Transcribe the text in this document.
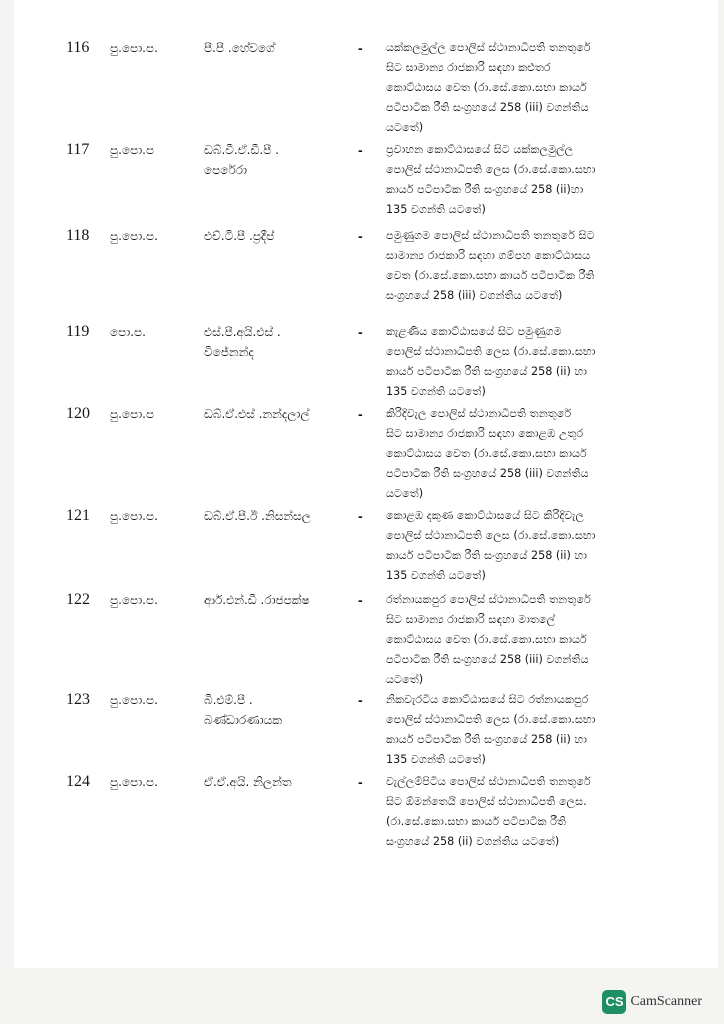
116	පු.පො.ප.	පී.පී .හේවගේ	-	යක්කලමුල්ල පොලිස් ස්ථානාධිපති තනතුරේ
සිට සාමාන්‍ය රාජකාරි සඳහා කළුතර
කොට්ඨාසය වෙත (රා.සේ.කො.සභා කාර්ය
පටිපාටික රීති සංග්‍රහයේ 258 (iii) වගන්තිය
යටතේ)
117	පු.පො.ප	ඩබ්.වී.ඒ.ඩී.පී .
පෙරේරා
-	ප්‍රවාහන කොට්ඨාසයේ සිට යක්කලමුල්ල
පොලිස් ස්ථානාධිපති ලෙස (රා.සේ.කො.සභා
කාර්ය පටිපාටික රීති සංග්‍රහයේ 258 (ii)හා
135 වගන්ති යටතේ)
118	පු.පො.ප.	එච්.ටී.පී .ප්‍රදීප්	-	පමුණුගම පොලිස් ස්ථානාධිපති තනතුරේ සිට
සාමාන්‍ය රාජකාරි සඳහා ගම්පහ කොට්ඨාසය
වෙත (රා.සේ.කො.සභා කාර්ය පටිපාටික රීති
සංග්‍රහයේ 258 (iii) වගන්තිය යටතේ)
119	පො.ප.	එස්.පී.අයි.එස් .
විජේනන්ද
-	කැළණිය කොට්ඨාසයේ සිට පමුණුගම
පොලිස් ස්ථානාධිපති ලෙස (රා.සේ.කො.සභා
කාර්ය පටිපාටික රීති සංග්‍රහයේ 258 (ii) හා
135 වගන්ති යටතේ)
120	පු.පො.ප	ඩබ්.ඒ.එස් .නන්දලාල්	-	කිරිදිවැල පොලිස් ස්ථානාධිපති තනතුරේ
සිට සාමාන්‍ය රාජකාරි සඳහා කොළඹ උතුර
කොට්ඨාසය වෙත (රා.සේ.කො.සභා කාර්ය
පටිපාටික රීති සංග්‍රහයේ 258 (iii) වගන්තිය
යටතේ)
121	පු.පො.ප.	ඩබ්.ඒ.පී.ඊ .නිසන්සල	-	කොළඹ දකුණ කොට්ඨාසයේ සිට කිරිදිවැල
පොලිස් ස්ථානාධිපති ලෙස (රා.සේ.කො.සභා
කාර්ය පටිපාටික රීති සංග්‍රහයේ 258 (ii) හා
135 වගන්ති යටතේ)
122	පු.පො.ප.	ආර්.එන්.ඩී .රාජපක්ෂ	-	රත්නායකපුර පොලිස් ස්ථානාධිපති තනතුරේ
සිට සාමාන්‍ය රාජකාරි සඳහා මාතලේ
කොට්ඨාසය වෙත (රා.සේ.කො.සභා කාර්ය
පටිපාටික රීති සංග්‍රහයේ 258 (iii) වගන්තිය
යටතේ)
123	පු.පො.ප.	බී.එම්.පී .
බණ්ඩාරණායක
-	නිකවැරටිය කොට්ඨාසයේ සිට රත්නායකපුර
පොලිස් ස්ථානාධිපති ලෙස (රා.සේ.කො.සභා
කාර්ය පටිපාටික රීති සංග්‍රහයේ 258 (ii) හා
135 වගන්ති යටතේ)
124	පු.පො.ප.	ඒ.ඒ.අයි. නිලන්ත	-	වැල්ලම්පිටිය පොලිස් ස්ථානාධිපති තනතුරේ
සිට ඕමන්තෙයි පොලිස් ස්ථානාධිපති ලෙස.
(රා.සේ.කො.සභා කාර්ය පටිපාටික රීති
සංග්‍රහයේ 258 (ii) වගන්තිය යටතේ)
CS CamScanner
